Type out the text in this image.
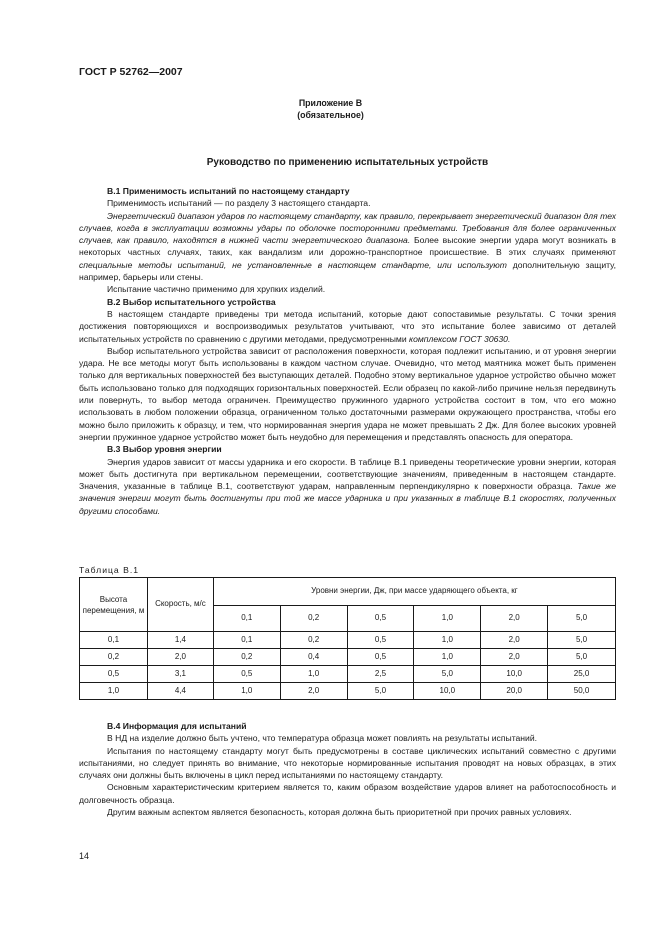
ГОСТ Р 52762—2007
Приложение В
(обязательное)
Руководство по применению испытательных устройств

В.1 Применимость испытаний по настоящему стандарту

Применимость испытаний — по разделу 3 настоящего стандарта.

Энергетический диапазон ударов по настоящему стандарту, как правило, перекрывает энергетический диапазон для тех случаев, когда в эксплуатации возможны удары по оболочке посторонними предметами. Требования для более ограниченных случаев, как правило, находятся в нижней части энергетического диапазона. Более высокие энергии удара могут возникать в некоторых частных случаях, таких, как вандализм или дорожно-транспортное происшествие. В этих случаях применяют специальные методы испытаний, не установленные в настоящем стандарте, или используют дополнительную защиту, например, барьеры или стены.

Испытание частично применимо для хрупких изделий.

В.2 Выбор испытательного устройства

В настоящем стандарте приведены три метода испытаний, которые дают сопоставимые результаты. С точки зрения достижения повторяющихся и воспроизводимых результатов учитывают, что это испытание более зависимо от деталей испытательных устройств по сравнению с другими методами, предусмотренными комплексом ГОСТ 30630.

Выбор испытательного устройства зависит от расположения поверхности, которая подлежит испытанию, и от уровня энергии удара. Не все методы могут быть использованы в каждом частном случае. Очевидно, что метод маятника может быть применен только для вертикальных поверхностей без выступающих деталей. Подобно этому вертикальное ударное устройство обычно может быть использовано только для подходящих горизонтальных поверхностей. Если образец по какой-либо причине нельзя передвинуть или повернуть, то выбор метода ограничен. Преимущество пружинного ударного устройства состоит в том, что его можно использовать в любом положении образца, ограниченном только достаточными размерами окружающего пространства, чтобы его можно было приложить к образцу, и тем, что нормированная энергия удара не может превышать 2 Дж. Для более высоких уровней энергии пружинное ударное устройство может быть неудобно для перемещения и представлять опасность для оператора.

В.3 Выбор уровня энергии

Энергия ударов зависит от массы ударника и его скорости. В таблице В.1 приведены теоретические уровни энергии, которая может быть достигнута при вертикальном перемещении, соответствующие значениям, приведенным в настоящем стандарте. Значения, указанные в таблице В.1, соответствуют ударам, направленным перпендикулярно к поверхности образца. Такие же значения энергии могут быть достигнуты при той же массе ударника и при указанных в таблице В.1 скоростях, полученных другими способами.

Таблица В.1
Высота перемещения, м	Скорость, м/с	Уровни энергии, Дж, при массе ударяющего объекта, кг					
		0,1	0,2	0,5	1,0	2,0	5,0
0,1	1,4	0,1	0,2	0,5	1,0	2,0	5,0
0,2	2,0	0,2	0,4	0,5	1,0	2,0	5,0
0,5	3,1	0,5	1,0	2,5	5,0	10,0	25,0
1,0	4,4	1,0	2,0	5,0	10,0	20,0	50,0

В.4 Информация для испытаний

В НД на изделие должно быть учтено, что температура образца может повлиять на результаты испытаний.

Испытания по настоящему стандарту могут быть предусмотрены в составе циклических испытаний совместно с другими испытаниями, но следует принять во внимание, что некоторые нормированные испытания проводят на новых образцах, в этих случаях они должны быть включены в цикл перед испытаниями по настоящему стандарту.

Основным характеристическим критерием является то, каким образом воздействие ударов влияет на работоспособность и долговечность образца.

Другим важным аспектом является безопасность, которая должна быть приоритетной при прочих равных условиях.

14
